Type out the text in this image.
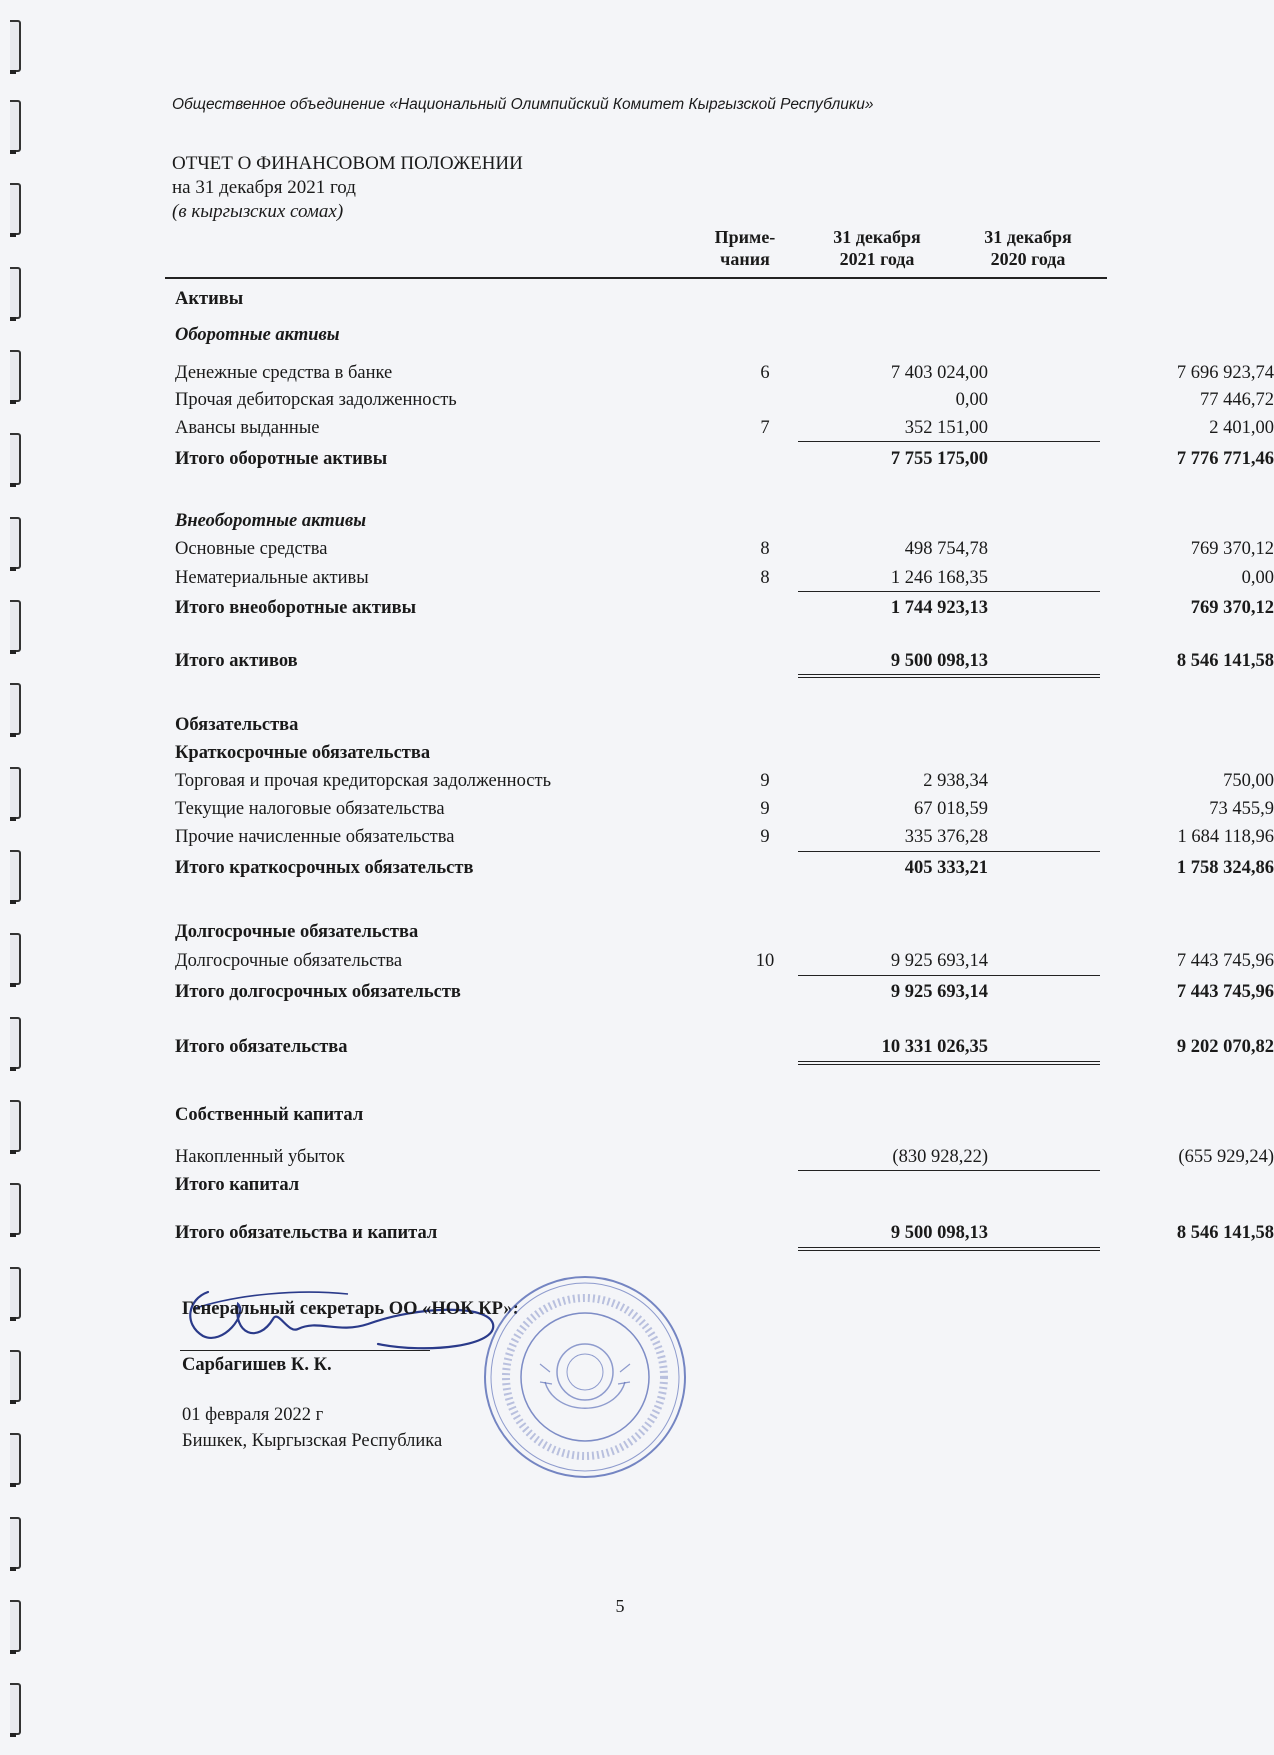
Общественное объединение «Национальный Олимпийский Комитет Кыргызской Республики»
ОТЧЕТ О ФИНАНСОВОМ ПОЛОЖЕНИИ
на 31 декабря 2021 год
(в кыргызских сомах)
Приме-
чания
31 декабря
2021 года
31 декабря
2020 года
Активы
Оборотные активы
Денежные средства в банке	6	7 403 024,00	7 696 923,74
Прочая дебиторская задолженность	0,00	77 446,72
Авансы выданные	7	352 151,00	2 401,00
Итого оборотные активы	7 755 175,00	7 776 771,46
Внеоборотные активы
Основные средства	8	498 754,78	769 370,12
Нематериальные активы	8	1 246 168,35	0,00
Итого внеоборотные активы	1 744 923,13	769 370,12
Итого активов	9 500 098,13	8 546 141,58
Обязательства
Краткосрочные обязательства
Торговая и прочая кредиторская задолженность	9	2 938,34	750,00
Текущие налоговые обязательства	9	67 018,59	73 455,9
Прочие начисленные обязательства	9	335 376,28	1 684 118,96
Итого краткосрочных обязательств	405 333,21	1 758 324,86
Долгосрочные обязательства
Долгосрочные обязательства	10	9 925 693,14	7 443 745,96
Итого долгосрочных обязательств	9 925 693,14	7 443 745,96
Итого обязательства	10 331 026,35	9 202 070,82
Собственный капитал
Накопленный убыток	(830 928,22)	(655 929,24)
Итого капитал
Итого обязательства и капитал	9 500 098,13	8 546 141,58
Генеральный секретарь ОО «НОК КР»:
Сарбагишев К. К.
01 февраля 2022 г
Бишкек, Кыргызская Республика
5
